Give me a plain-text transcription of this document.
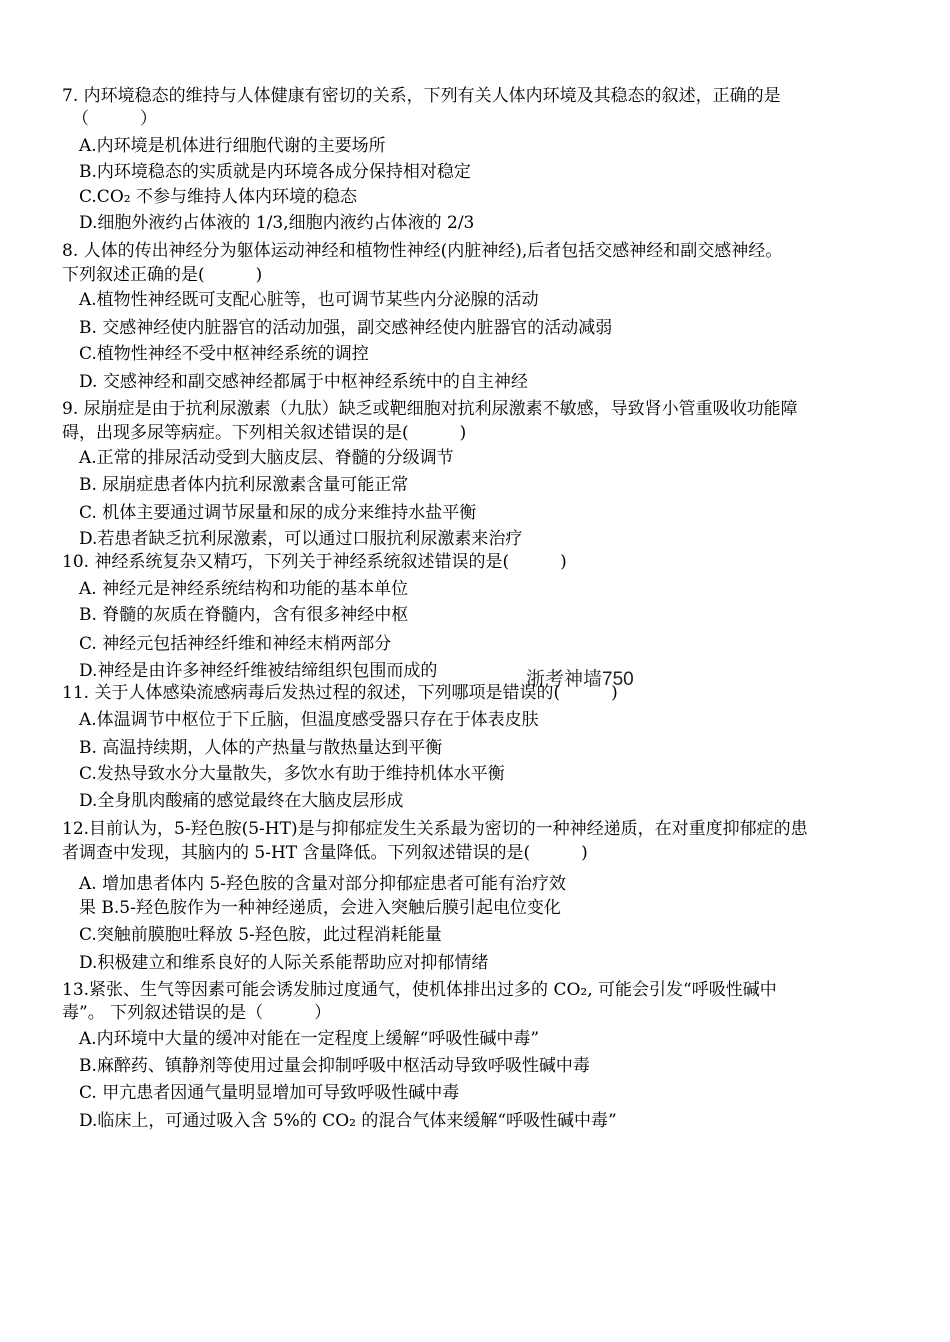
7. 内环境稳态的维持与人体健康有密切的关系，下列有关人体内环境及其稳态的叙述，正确的是
（　　　）
A.内环境是机体进行细胞代谢的主要场所
B.内环境稳态的实质就是内环境各成分保持相对稳定
C.CO₂ 不参与维持人体内环境的稳态
D.细胞外液约占体液的 1/3,细胞内液约占体液的 2/3
8. 人体的传出神经分为躯体运动神经和植物性神经(内脏神经),后者包括交感神经和副交感神经。
下列叙述正确的是(　　　)
A.植物性神经既可支配心脏等，也可调节某些内分泌腺的活动
B. 交感神经使内脏器官的活动加强，副交感神经使内脏器官的活动减弱
C.植物性神经不受中枢神经系统的调控
D. 交感神经和副交感神经都属于中枢神经系统中的自主神经
9. 尿崩症是由于抗利尿激素（九肽）缺乏或靶细胞对抗利尿激素不敏感，导致肾小管重吸收功能障
碍，出现多尿等病症。下列相关叙述错误的是(　　　)
A.正常的排尿活动受到大脑皮层、脊髓的分级调节
B. 尿崩症患者体内抗利尿激素含量可能正常
C. 机体主要通过调节尿量和尿的成分来维持水盐平衡
D.若患者缺乏抗利尿激素，可以通过口服抗利尿激素来治疗
10. 神经系统复杂又精巧，下列关于神经系统叙述错误的是(　　　)
A. 神经元是神经系统结构和功能的基本单位
B. 脊髓的灰质在脊髓内，含有很多神经中枢
C. 神经元包括神经纤维和神经末梢两部分
D.神经是由许多神经纤维被结缔组织包围而成的	浙考神墙750
11. 关于人体感染流感病毒后发热过程的叙述，下列哪项是错误的(　　　)
A.体温调节中枢位于下丘脑，但温度感受器只存在于体表皮肤
B. 高温持续期，人体的产热量与散热量达到平衡
C.发热导致水分大量散失，多饮水有助于维持机体水平衡
D.全身肌肉酸痛的感觉最终在大脑皮层形成
12.目前认为，5-羟色胺(5-HT)是与抑郁症发生关系最为密切的一种神经递质，在对重度抑郁症的患
者调查中发现，其脑内的 5-HT 含量降低。下列叙述错误的是(　　　)
A. 增加患者体内 5-羟色胺的含量对部分抑郁症患者可能有治疗效
果 B.5-羟色胺作为一种神经递质，会进入突触后膜引起电位变化
C.突触前膜胞吐释放 5-羟色胺，此过程消耗能量
D.积极建立和维系良好的人际关系能帮助应对抑郁情绪
13.紧张、生气等因素可能会诱发肺过度通气，使机体排出过多的 CO₂, 可能会引发“呼吸性碱中
毒”。 下列叙述错误的是（　　　）
A.内环境中大量的缓冲对能在一定程度上缓解“呼吸性碱中毒”
B.麻醉药、镇静剂等使用过量会抑制呼吸中枢活动导致呼吸性碱中毒
C. 甲亢患者因通气量明显增加可导致呼吸性碱中毒
D.临床上，可通过吸入含 5%的 CO₂ 的混合气体来缓解“呼吸性碱中毒”
